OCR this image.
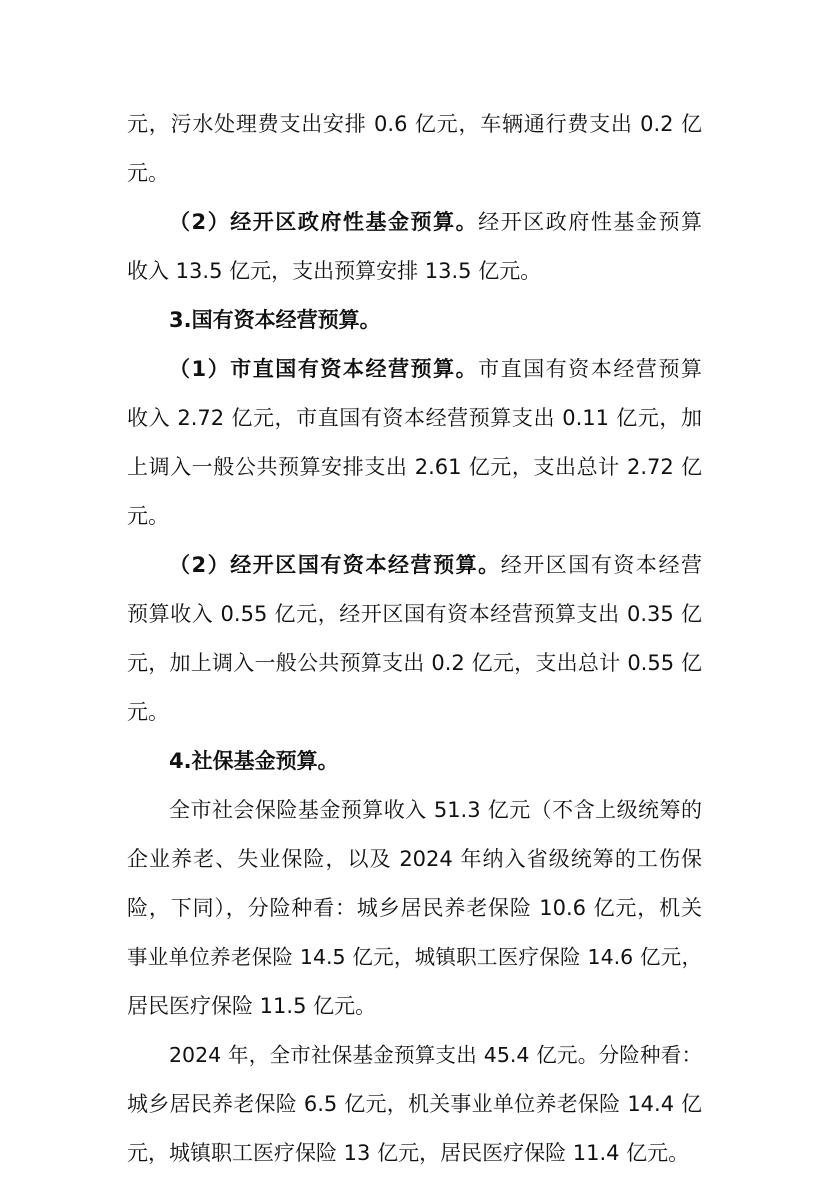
元，污水处理费支出安排 0.6 亿元，车辆通行费支出 0.2 亿
元。
（2）经开区政府性基金预算。经开区政府性基金预算
收入 13.5 亿元，支出预算安排 13.5 亿元。
3.国有资本经营预算。
（1）市直国有资本经营预算。市直国有资本经营预算
收入 2.72 亿元，市直国有资本经营预算支出 0.11 亿元，加
上调入一般公共预算安排支出 2.61 亿元，支出总计 2.72 亿
元。
（2）经开区国有资本经营预算。经开区国有资本经营
预算收入 0.55 亿元，经开区国有资本经营预算支出 0.35 亿
元，加上调入一般公共预算支出 0.2 亿元，支出总计 0.55 亿
元。
4.社保基金预算。
全市社会保险基金预算收入 51.3 亿元（不含上级统筹的
企业养老、失业保险，以及 2024 年纳入省级统筹的工伤保
险，下同），分险种看：城乡居民养老保险 10.6 亿元，机关
事业单位养老保险 14.5 亿元，城镇职工医疗保险 14.6 亿元，
居民医疗保险 11.5 亿元。
2024 年，全市社保基金预算支出 45.4 亿元。分险种看：
城乡居民养老保险 6.5 亿元，机关事业单位养老保险 14.4 亿
元，城镇职工医疗保险 13 亿元，居民医疗保险 11.4 亿元。
